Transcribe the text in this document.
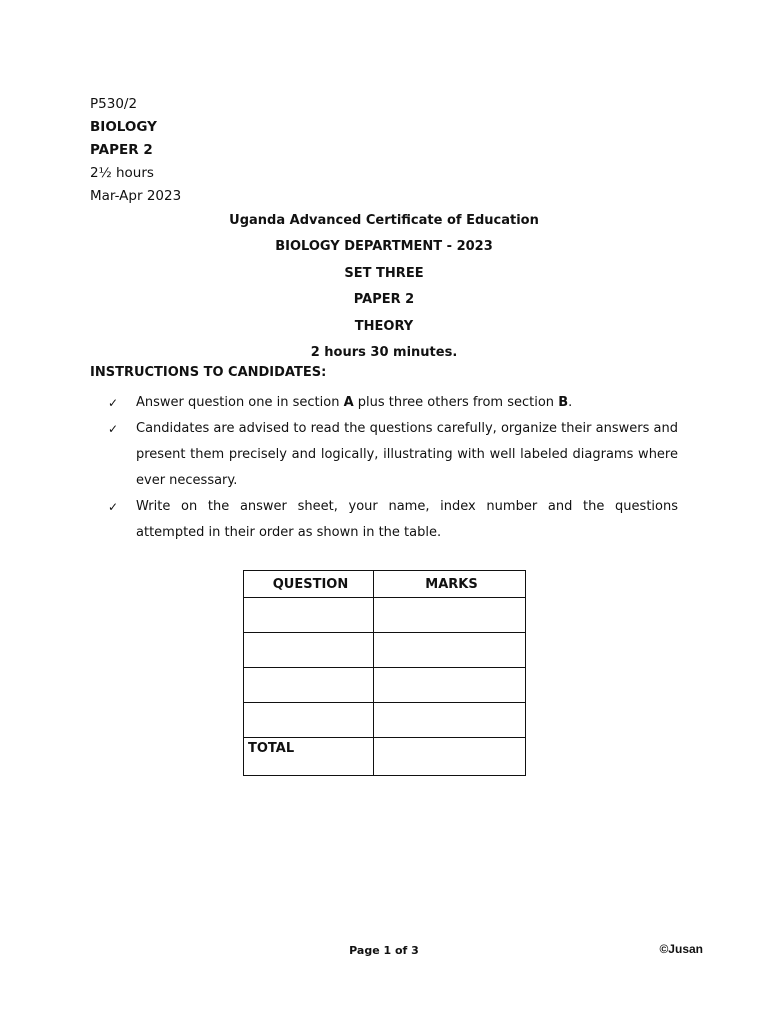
P530/2
BIOLOGY
PAPER 2
2½ hours
Mar-Apr 2023
Uganda Advanced Certificate of Education
BIOLOGY DEPARTMENT - 2023
SET THREE
PAPER 2
THEORY
2 hours 30 minutes.
INSTRUCTIONS TO CANDIDATES:
✓ Answer question one in section A plus three others from section B.
✓ Candidates are advised to read the questions carefully, organize their answers and present them precisely and logically, illustrating with well labeled diagrams where ever necessary.
✓ Write on the answer sheet, your name, index number and the questions attempted in their order as shown in the table.
QUESTION	MARKS

TOTAL	
Page 1 of 3	©Jusan
